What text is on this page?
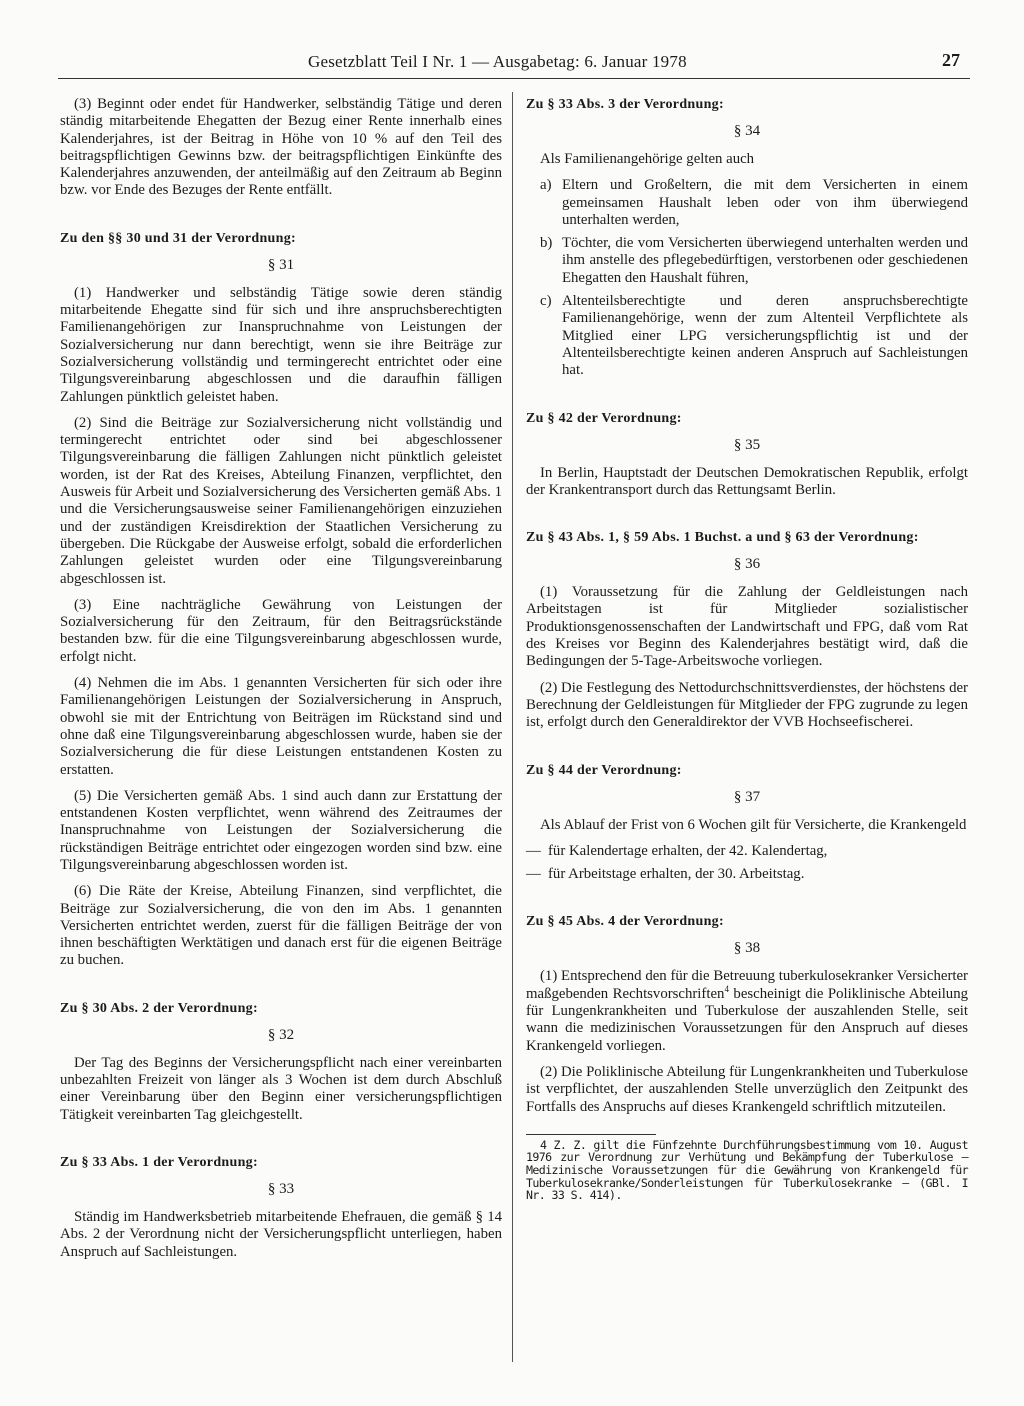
Gesetzblatt Teil I Nr. 1 — Ausgabetag: 6. Januar 1978	27

(3) Beginnt oder endet für Handwerker, selbständig Tätige und deren ständig mitarbeitende Ehegatten der Bezug einer Rente innerhalb eines Kalenderjahres, ist der Beitrag in Höhe von 10 % auf den Teil des beitragspflichtigen Gewinns bzw. der beitragspflichtigen Einkünfte des Kalenderjahres anzuwenden, der anteilmäßig auf den Zeitraum ab Beginn bzw. vor Ende des Bezuges der Rente entfällt.

Zu den §§ 30 und 31 der Verordnung:
§ 31

(1) Handwerker und selbständig Tätige sowie deren ständig mitarbeitende Ehegatte sind für sich und ihre anspruchsberechtigten Familienangehörigen zur Inanspruchnahme von Leistungen der Sozialversicherung nur dann berechtigt, wenn sie ihre Beiträge zur Sozialversicherung vollständig und termingerecht entrichtet oder eine Tilgungsvereinbarung abgeschlossen und die daraufhin fälligen Zahlungen pünktlich geleistet haben.

(2) Sind die Beiträge zur Sozialversicherung nicht vollständig und termingerecht entrichtet oder sind bei abgeschlossener Tilgungsvereinbarung die fälligen Zahlungen nicht pünktlich geleistet worden, ist der Rat des Kreises, Abteilung Finanzen, verpflichtet, den Ausweis für Arbeit und Sozialversicherung des Versicherten gemäß Abs. 1 und die Versicherungsausweise seiner Familienangehörigen einzuziehen und der zuständigen Kreisdirektion der Staatlichen Versicherung zu übergeben. Die Rückgabe der Ausweise erfolgt, sobald die erforderlichen Zahlungen geleistet wurden oder eine Tilgungsvereinbarung abgeschlossen ist.

(3) Eine nachträgliche Gewährung von Leistungen der Sozialversicherung für den Zeitraum, für den Beitragsrückstände bestanden bzw. für die eine Tilgungsvereinbarung abgeschlossen wurde, erfolgt nicht.

(4) Nehmen die im Abs. 1 genannten Versicherten für sich oder ihre Familienangehörigen Leistungen der Sozialversicherung in Anspruch, obwohl sie mit der Entrichtung von Beiträgen im Rückstand sind und ohne daß eine Tilgungsvereinbarung abgeschlossen wurde, haben sie der Sozialversicherung die für diese Leistungen entstandenen Kosten zu erstatten.

(5) Die Versicherten gemäß Abs. 1 sind auch dann zur Erstattung der entstandenen Kosten verpflichtet, wenn während des Zeitraumes der Inanspruchnahme von Leistungen der Sozialversicherung die rückständigen Beiträge entrichtet oder eingezogen worden sind bzw. eine Tilgungsvereinbarung abgeschlossen worden ist.

(6) Die Räte der Kreise, Abteilung Finanzen, sind verpflichtet, die Beiträge zur Sozialversicherung, die von den im Abs. 1 genannten Versicherten entrichtet werden, zuerst für die fälligen Beiträge der von ihnen beschäftigten Werktätigen und danach erst für die eigenen Beiträge zu buchen.

Zu § 30 Abs. 2 der Verordnung:
§ 32

Der Tag des Beginns der Versicherungspflicht nach einer vereinbarten unbezahlten Freizeit von länger als 3 Wochen ist dem durch Abschluß einer Vereinbarung über den Beginn einer versicherungspflichtigen Tätigkeit vereinbarten Tag gleichgestellt.

Zu § 33 Abs. 1 der Verordnung:
§ 33

Ständig im Handwerksbetrieb mitarbeitende Ehefrauen, die gemäß § 14 Abs. 2 der Verordnung nicht der Versicherungspflicht unterliegen, haben Anspruch auf Sachleistungen.

Zu § 33 Abs. 3 der Verordnung:
§ 34

Als Familienangehörige gelten auch

a) Eltern und Großeltern, die mit dem Versicherten in einem gemeinsamen Haushalt leben oder von ihm überwiegend unterhalten werden,
b) Töchter, die vom Versicherten überwiegend unterhalten werden und ihm anstelle des pflegebedürftigen, verstorbenen oder geschiedenen Ehegatten den Haushalt führen,
c) Altenteilsberechtigte und deren anspruchsberechtigte Familienangehörige, wenn der zum Altenteil Verpflichtete als Mitglied einer LPG versicherungspflichtig ist und der Altenteilsberechtigte keinen anderen Anspruch auf Sachleistungen hat.
Zu § 42 der Verordnung:
§ 35

In Berlin, Hauptstadt der Deutschen Demokratischen Republik, erfolgt der Krankentransport durch das Rettungsamt Berlin.

Zu § 43 Abs. 1, § 59 Abs. 1 Buchst. a und § 63 der Verordnung:
§ 36

(1) Voraussetzung für die Zahlung der Geldleistungen nach Arbeitstagen ist für Mitglieder sozialistischer Produktionsgenossenschaften der Landwirtschaft und FPG, daß vom Rat des Kreises vor Beginn des Kalenderjahres bestätigt wird, daß die Bedingungen der 5-Tage-Arbeitswoche vorliegen.

(2) Die Festlegung des Nettodurchschnittsverdienstes, der höchstens der Berechnung der Geldleistungen für Mitglieder der FPG zugrunde zu legen ist, erfolgt durch den Generaldirektor der VVB Hochseefischerei.

Zu § 44 der Verordnung:
§ 37

Als Ablauf der Frist von 6 Wochen gilt für Versicherte, die Krankengeld

— für Kalendertage erhalten, der 42. Kalendertag,
— für Arbeitstage erhalten, der 30. Arbeitstag.
Zu § 45 Abs. 4 der Verordnung:
§ 38

(1) Entsprechend den für die Betreuung tuberkulosekranker Versicherter maßgebenden Rechtsvorschriften$^4$ bescheinigt die Poliklinische Abteilung für Lungenkrankheiten und Tuberkulose der auszahlenden Stelle, seit wann die medizinischen Voraussetzungen für den Anspruch auf dieses Krankengeld vorliegen.

(2) Die Poliklinische Abteilung für Lungenkrankheiten und Tuberkulose ist verpflichtet, der auszahlenden Stelle unverzüglich den Zeitpunkt des Fortfalls des Anspruchs auf dieses Krankengeld schriftlich mitzuteilen.

4 Z. Z. gilt die Fünfzehnte Durchführungsbestimmung vom 10. August 1976 zur Verordnung zur Verhütung und Bekämpfung der Tuberkulose – Medizinische Voraussetzungen für die Gewährung von Krankengeld für Tuberkulosekranke/Sonderleistungen für Tuberkulosekranke – (GBl. I Nr. 33 S. 414).
